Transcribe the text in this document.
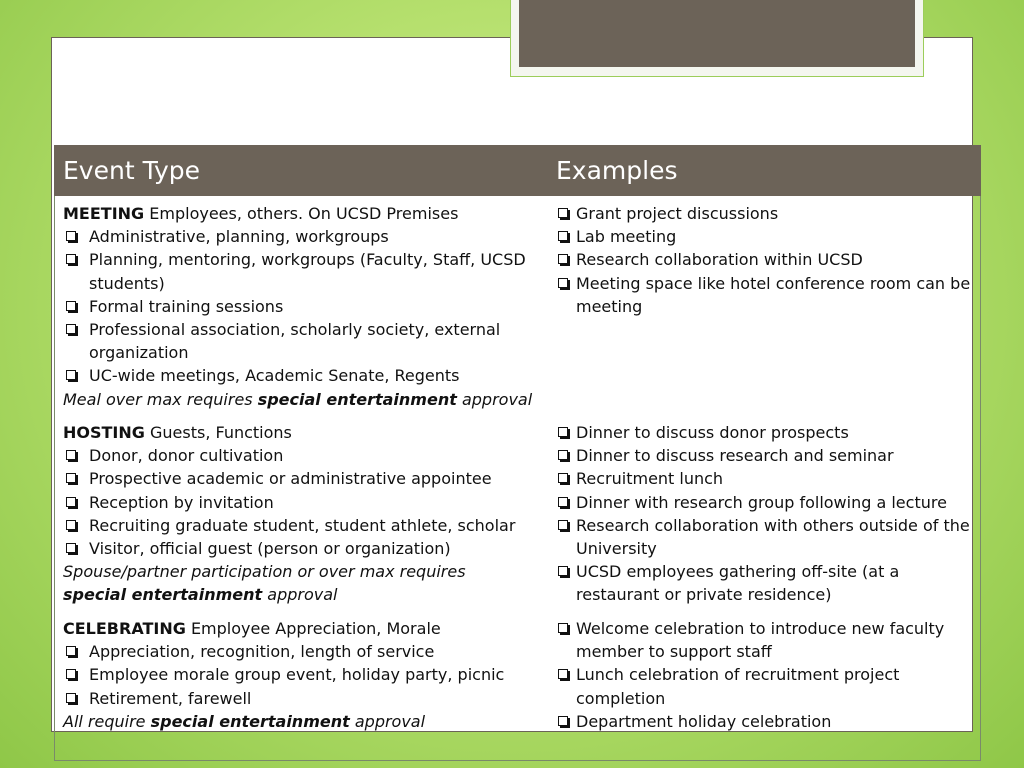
Event Type	Examples
MEETING Employees, others. On UCSD Premises
Administrative, planning, workgroups
Planning, mentoring, workgroups (Faculty, Staff, UCSD students)
Formal training sessions
Professional association, scholarly society, external organization
UC-wide meetings, Academic Senate, Regents
Meal over max requires special entertainment approval
Grant project discussions
Lab meeting
Research collaboration within UCSD
Meeting space like hotel conference room can be meeting
HOSTING Guests, Functions
Donor, donor cultivation
Prospective academic or administrative appointee
Reception by invitation
Recruiting graduate student, student athlete, scholar
Visitor, official guest (person or organization)
Spouse/partner participation or over max requires special entertainment approval
Dinner to discuss donor prospects
Dinner to discuss research and seminar
Recruitment lunch
Dinner with research group following a lecture
Research collaboration with others outside of the University
UCSD employees gathering off-site (at a restaurant or private residence)
CELEBRATING Employee Appreciation, Morale
Appreciation, recognition, length of service
Employee morale group event, holiday party, picnic
Retirement, farewell
All require special entertainment approval
Welcome celebration to introduce new faculty member to support staff
Lunch celebration of recruitment project completion
Department holiday celebration
